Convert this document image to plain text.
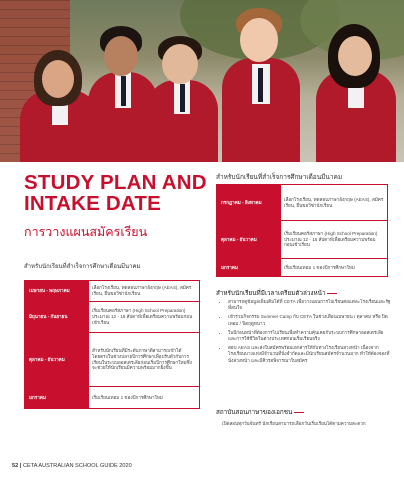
STUDY PLAN AND
INTAKE DATE
การวางแผนสมัครเรียน
สำหรับนักเรียนที่สำเร็จการศึกษาเดือนมีนาคม
เมษายน - พฤษภาคม	เลือกโรงเรียน, ทดสอบภาษาอังกฤษ (AEAS), สมัครเรียน, ยื่นขอวีซ่านักเรียน
มิถุนายน - กันยายน	เริ่มเรียนคอร์สภาษา (High School Preparation) ประมาณ 12 - 15 สัปดาห์เพื่อเตรียมความพร้อมก่อนเข้าเรียน
ตุลาคม - ธันวาคม	สำหรับนักเรียนที่มีระดับภาษาดีสามารถเข้าได้โดยตรงในช่วงปลายปีการศึกษาเพื่อปรับตัวกับการเรียนในระบบออสเตรเลียก่อนเริ่มปีการศึกษาใหม่ซึ่งจะช่วยให้นักเรียนมีความพร้อมมากยิ่งขึ้น
มกราคม	เริ่มเรียนเทอม 1 ของปีการศึกษาใหม่
สำหรับนักเรียนที่สำเร็จการศึกษาเดือนมีนาคม
กรกฎาคม - สิงหาคม	เลือกโรงเรียน, ทดสอบภาษาอังกฤษ (AEAS), สมัครเรียน, ยื่นขอวีซ่านักเรียน
ตุลาคม - ธันวาคม	เริ่มเรียนคอร์สภาษา (High School Preparation) ประมาณ 12 - 15 สัปดาห์เพื่อเตรียมความพร้อมก่อนเข้าเรียน
มกราคม	เริ่มเรียนเทอม 1 ของปีการศึกษาใหม่
สำหรับนักเรียนที่มีเวลาเตรียมตัวล่วงหน้า
• สามารถดูข้อมูลเพิ่มเติมได้ที่ CETA เพื่อวางแผนการไปเรียนต่อแต่ละโรงเรียนและรัฐที่สนใจ
• เข้าร่วมกิจกรรม Summer Camp กับ CETA ในช่วงเดือนเมษายน / ตุลาคม หรือ ปิดเทอม / ปิดฤดูหนาว
• ในปีก่อนหน้าที่ต้องการไปเรียนเพื่อทำความคุ้นเคยกับระบบการศึกษาออสเตรเลีย และการใช้ชีวิตในต่างประเทศก่อนเริ่มเรียนจริง
• สอบ AEAS และส่งใบสมัครพร้อมเอกสารให้กับทางโรงเรียนล่วงหน้า เนื่องจากโรงเรียนบางแห่งมีจำนวนที่นั่งจำกัดและมีนักเรียนสมัครจำนวนมาก ทำให้ต้องจองที่นั่งล่วงหน้า และมีคิวรอพิจารณาใบสมัคร
สถาบันสอนภาษาของเอกชน
เปิดสอนทุกวันจันทร์ นักเรียนสามารถเลือกวันเริ่มเรียนได้ตามความสะดวก
52 | CETA AUSTRALIAN SCHOOL GUIDE 2020
